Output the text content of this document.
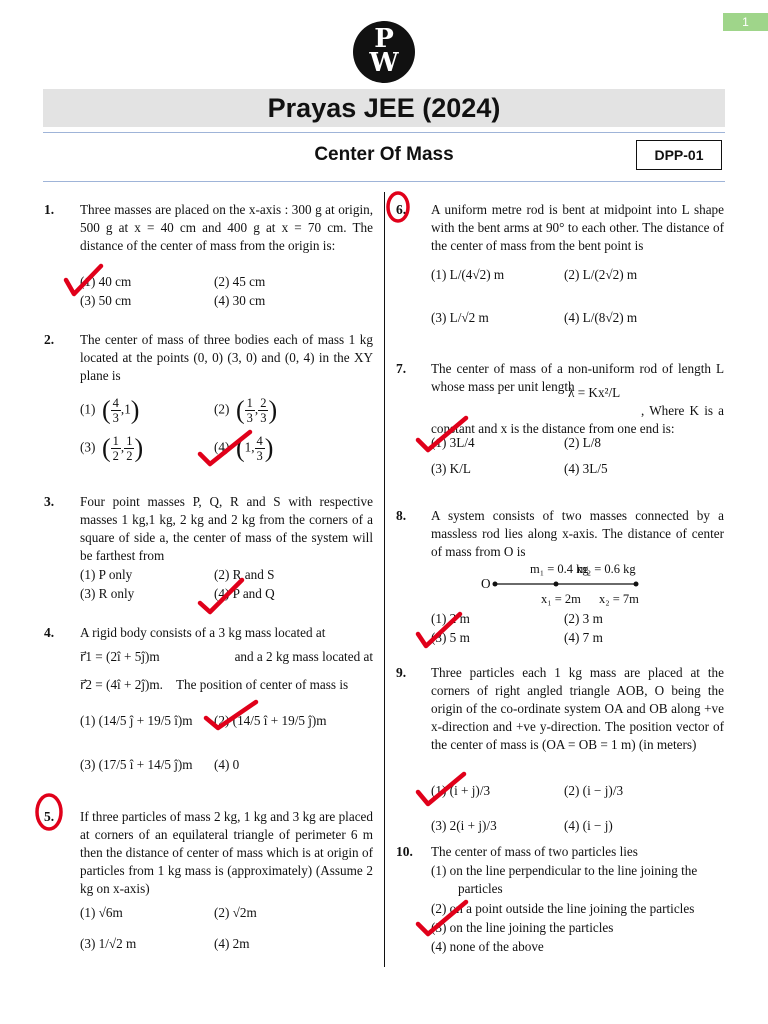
1
P
W
Prayas JEE (2024)
Center Of Mass	DPP-01
1. Three masses are placed on the x-axis : 300 g at origin, 500 g at x = 40 cm and 400 g at x = 70 cm. The distance of the center of mass from the origin is:
(1) 40 cm	(2) 45 cm
(3) 50 cm	(4) 30 cm
2. The center of mass of three bodies each of mass 1 kg located at the points (0, 0) (3, 0) and (0, 4) in the XY plane is
(1) ( $\frac{4}{3} ,1$)	(2) ( $\frac{1}{3}$ , $\frac{2}{3}$ )
(3) ( $\frac{1}{2}$ , $\frac{1}{2}$ )	(4) (1, $\frac{4}{3}$ )
3. Four point masses P, Q, R and S with respective masses 1 kg,1 kg, 2 kg and 2 kg from the corners of a square of side a, the center of mass of the system will be farthest from
(1) P only	(2) R and S
(3) R only	(4) P and Q
4. A rigid body consists of a 3 kg mass located at
r⃗1 = (2î + 5ĵ)m	and a 2 kg mass located at
r⃗2 = (4î + 2ĵ)m. The position of center of mass is
(1) (14/5 ĵ + 19/5 î)m (2) (14/5 î + 19/5 ĵ)m
(3) (17/5 î + 14/5 ĵ)m (4) 0
5. If three particles of mass 2 kg, 1 kg and 3 kg are placed at corners of an equilateral triangle of perimeter 6 m then the distance of center of mass which is at origin of particles from 1 kg mass is (approximately) (Assume 2 kg on x-axis)
(1) √6m	(2) √2m
(3) 1/√2 m	(4) 2m
6. A uniform metre rod is bent at midpoint into L shape with the bent arms at 90° to each other. The distance of the center of mass from the bent point is
(1) L/(4√2) m	(2) L/(2√2) m
(3) L/√2 m	(4) L/(8√2) m
7. The center of mass of a non-uniform rod of length L whose mass per unit length
λ = Kx²/L
, Where K is a constant and x is the distance from one end is:
(1) 3L/4	(2) L/8
(3) K/L	(4) 3L/5
8. A system consists of two masses connected by a massless rod lies along x-axis. The distance of center of mass from O is
m₁ = 0.4 kg
m₂ = 0.6 kg
O
x₁ = 2m x₂ = 7m
(1) 2 m	(2) 3 m
(3) 5 m	(4) 7 m
9. Three particles each 1 kg mass are placed at the corners of right angled triangle AOB, O being the origin of the co-ordinate system OA and OB along +ve x-direction and +ve y-direction. The position vector of the center of mass is (OA = OB = 1 m) (in meters)
(1) (i + j)/3	(2) (i − j)/3
(3) 2(i + j)/3	(4) (i − j)
10. The center of mass of two particles lies
(1) on the line perpendicular to the line joining the particles
(2) on a point outside the line joining the particles
(3) on the line joining the particles
(4) none of the above
